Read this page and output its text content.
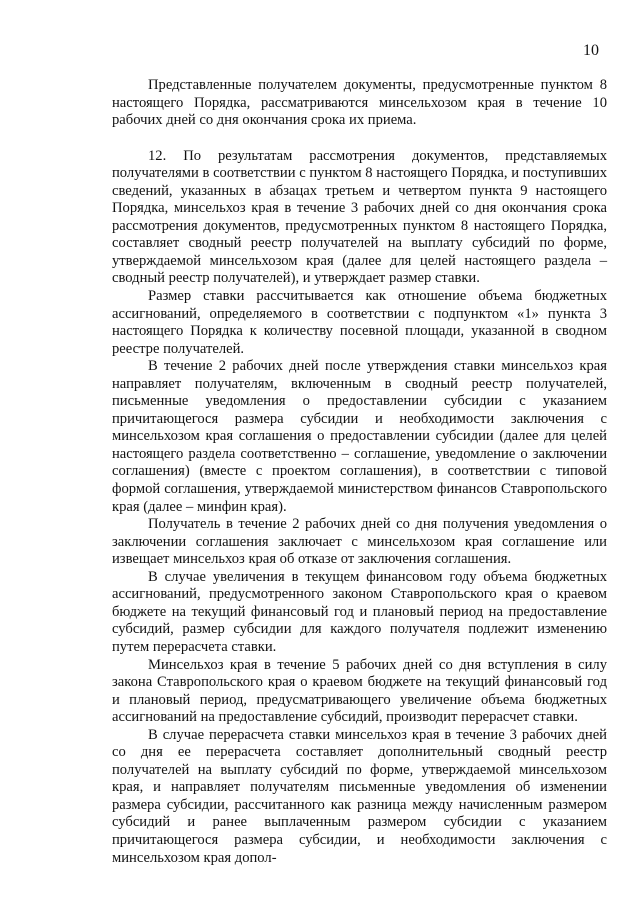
10

Представленные получателем документы, предусмотренные пунктом 8 настоящего Порядка, рассматриваются минсельхозом края в течение 10 рабочих дней со дня окончания срока их приема.

12. По результатам рассмотрения документов, представляемых получателями в соответствии с пунктом 8 настоящего Порядка, и поступивших сведений, указанных в абзацах третьем и четвертом пункта 9 настоящего Порядка, минсельхоз края в течение 3 рабочих дней со дня окончания срока рассмотрения документов, предусмотренных пунктом 8 настоящего Порядка, составляет сводный реестр получателей на выплату субсидий по форме, утверждаемой минсельхозом края (далее для целей настоящего раздела – сводный реестр получателей), и утверждает размер ставки.

Размер ставки рассчитывается как отношение объема бюджетных ассигнований, определяемого в соответствии с подпунктом «1» пункта 3 настоящего Порядка к количеству посевной площади, указанной в сводном реестре получателей.

В течение 2 рабочих дней после утверждения ставки минсельхоз края направляет получателям, включенным в сводный реестр получателей, письменные уведомления о предоставлении субсидии с указанием причитающегося размера субсидии и необходимости заключения с минсельхозом края соглашения о предоставлении субсидии (далее для целей настоящего раздела соответственно – соглашение, уведомление о заключении соглашения) (вместе с проектом соглашения), в соответствии с типовой формой соглашения, утверждаемой министерством финансов Ставропольского края (далее – минфин края).

Получатель в течение 2 рабочих дней со дня получения уведомления о заключении соглашения заключает с минсельхозом края соглашение или извещает минсельхоз края об отказе от заключения соглашения.

В случае увеличения в текущем финансовом году объема бюджетных ассигнований, предусмотренного законом Ставропольского края о краевом бюджете на текущий финансовый год и плановый период на предоставление субсидий, размер субсидии для каждого получателя подлежит изменению путем перерасчета ставки.

Минсельхоз края в течение 5 рабочих дней со дня вступления в силу закона Ставропольского края о краевом бюджете на текущий финансовый год и плановый период, предусматривающего увеличение объема бюджетных ассигнований на предоставление субсидий, производит перерасчет ставки.

В случае перерасчета ставки минсельхоз края в течение 3 рабочих дней со дня ее перерасчета составляет дополнительный сводный реестр получателей на выплату субсидий по форме, утверждаемой минсельхозом края, и направляет получателям письменные уведомления об изменении размера субсидии, рассчитанного как разница между начисленным размером субсидий и ранее выплаченным размером субсидии с указанием причитающегося размера субсидии, и необходимости заключения с минсельхозом края допол-
